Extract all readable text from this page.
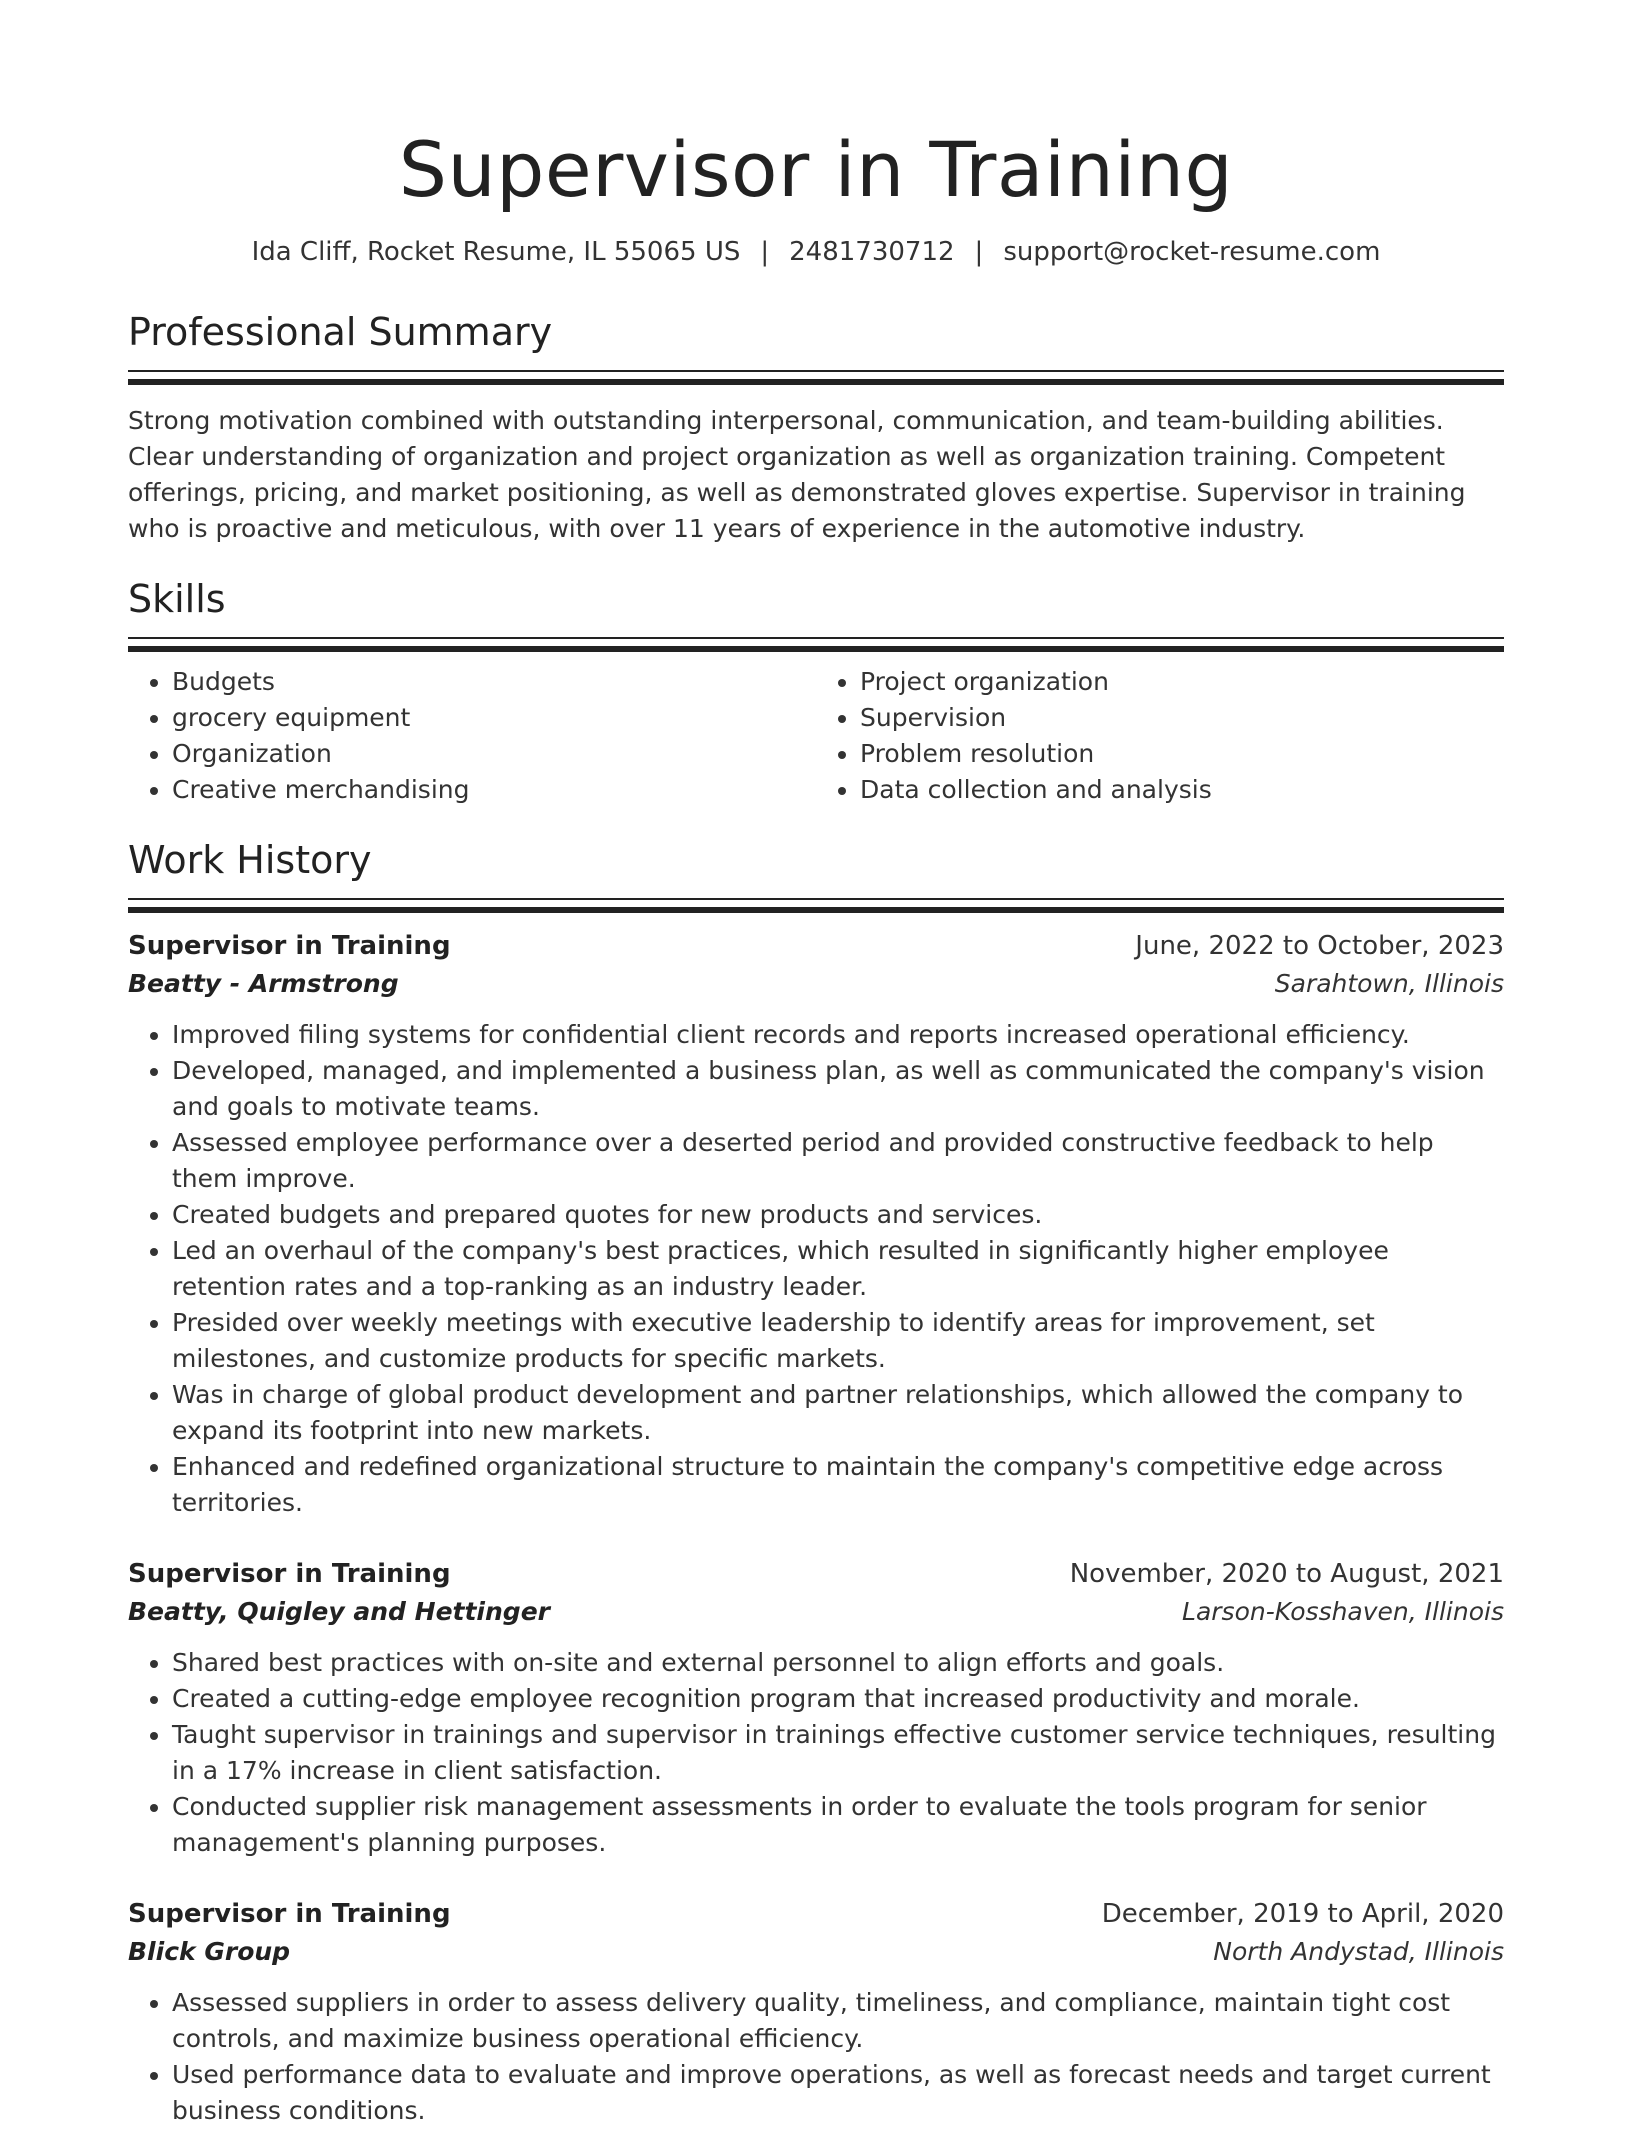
Supervisor in Training
Ida Cliff, Rocket Resume, IL 55065 US | 2481730712 | support@rocket-resume.com
Professional Summary

Strong motivation combined with outstanding interpersonal, communication, and team-building abilities. Clear understanding of organization and project organization as well as organization training. Competent offerings, pricing, and market positioning, as well as demonstrated gloves expertise. Supervisor in training who is proactive and meticulous, with over 11 years of experience in the automotive industry.

Skills
• Budgets
• grocery equipment
• Organization
• Creative merchandising
• Project organization
• Supervision
• Problem resolution
• Data collection and analysis
Work History
Supervisor in Training	June, 2022 to October, 2023
Beatty - Armstrong	Sarahtown, Illinois
• Improved filing systems for confidential client records and reports increased operational efficiency.
• Developed, managed, and implemented a business plan, as well as communicated the company's vision and goals to motivate teams.
• Assessed employee performance over a deserted period and provided constructive feedback to help them improve.
• Created budgets and prepared quotes for new products and services.
• Led an overhaul of the company's best practices, which resulted in significantly higher employee retention rates and a top-ranking as an industry leader.
• Presided over weekly meetings with executive leadership to identify areas for improvement, set milestones, and customize products for specific markets.
• Was in charge of global product development and partner relationships, which allowed the company to expand its footprint into new markets.
• Enhanced and redefined organizational structure to maintain the company's competitive edge across territories.
Supervisor in Training	November, 2020 to August, 2021
Beatty, Quigley and Hettinger	Larson-Kosshaven, Illinois
• Shared best practices with on-site and external personnel to align efforts and goals.
• Created a cutting-edge employee recognition program that increased productivity and morale.
• Taught supervisor in trainings and supervisor in trainings effective customer service techniques, resulting in a 17% increase in client satisfaction.
• Conducted supplier risk management assessments in order to evaluate the tools program for senior management's planning purposes.
Supervisor in Training	December, 2019 to April, 2020
Blick Group	North Andystad, Illinois
• Assessed suppliers in order to assess delivery quality, timeliness, and compliance, maintain tight cost controls, and maximize business operational efficiency.
• Used performance data to evaluate and improve operations, as well as forecast needs and target current business conditions.
